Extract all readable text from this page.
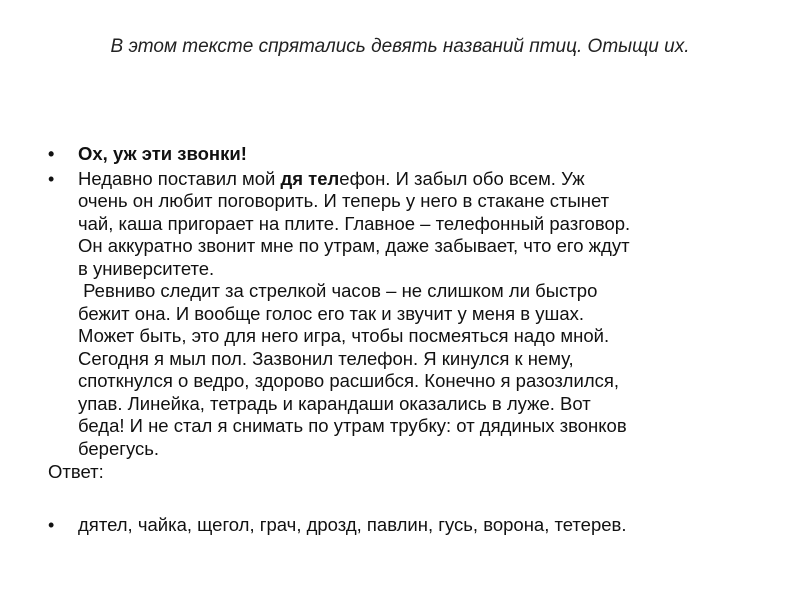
В этом тексте спрятались девять названий птиц. Отыщи их.
• Ох, уж эти звонки!
• Недавно поставил мой дя телефон. И забыл обо всем. Уж
очень он любит поговорить. И теперь у него в стакане стынет
чай, каша пригорает на плите. Главное – телефонный разговор.
Он аккуратно звонит мне по утрам, даже забывает, что его ждут
в университете.
Ревниво следит за стрелкой часов – не слишком ли быстро
бежит она. И вообще голос его так и звучит у меня в ушах.
Может быть, это для него игра, чтобы посмеяться надо мной.
Сегодня я мыл пол. Зазвонил телефон. Я кинулся к нему,
споткнулся о ведро, здорово расшибся. Конечно я разозлился,
упав. Линейка, тетрадь и карандаши оказались в луже. Вот
беда! И не стал я снимать по утрам трубку: от дядиных звонков
берегусь.
Ответ:
• дятел, чайка, щегол, грач, дрозд, павлин, гусь, ворона, тетерев.
